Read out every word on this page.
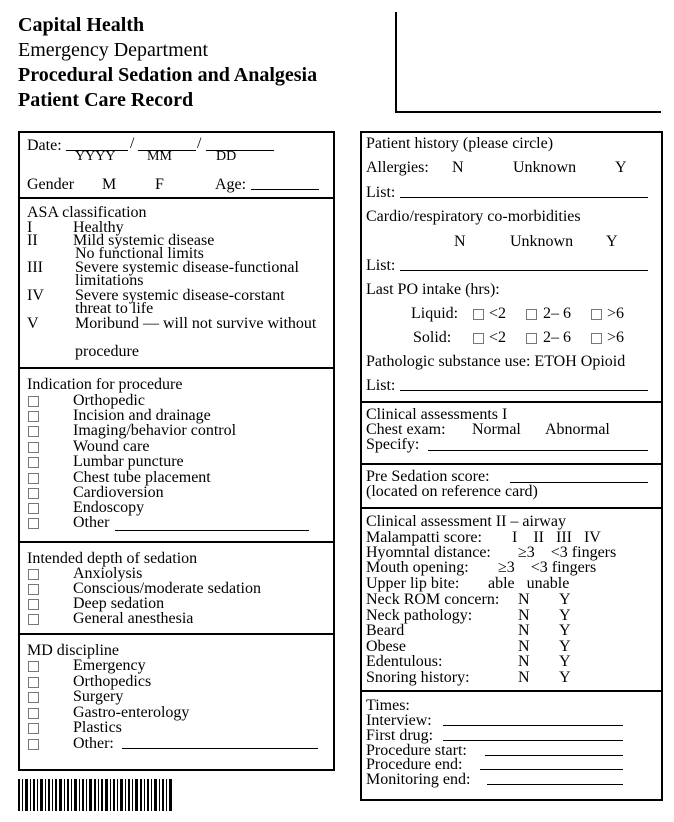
Capital Health
Emergency Department
Procedural Sedation and Analgesia
Patient Care Record
Date:	/	/
YYYY MM	DD
Gender M F	Age:
ASA classification
I	Healthy
II Mild systemic disease
No functional limits
III Severe systemic disease-functional
limitations
IV Severe systemic disease-corstant
threat to life
V Moribund — will not survive without
procedure
Indication for procedure
Orthopedic
Incision and drainage
Imaging/behavior control
Wound care
Lumbar puncture
Chest tube placement
Cardioversion
Endoscopy
Other
Intended depth of sedation
Anxiolysis
Conscious/moderate sedation
Deep sedation
General anesthesia
MD discipline
Emergency
Orthopedics
Surgery
Gastro-enterology
Plastics
Other:
Patient history (please circle)
Allergies: N	Unknown Y
List:
Cardio/respiratory co-morbidities
N	Unknown Y
List:
Last PO intake (hrs):
Liquid: <2 2– 6 >6
Solid: <2 2– 6 >6
Pathologic substance use: ETOH Opioid
List:
Clinical assessments I
Chest exam: Normal Abnormal
Specify:
Pre Sedation score:
(located on reference card)
Clinical assessment II – airway
Malampatti score: I    II   III   IV
Hyomntal distance: ≥3    <3 fingers
Mouth opening: ≥3    <3 fingers
Upper lip bite: able   unable
Neck ROM concern: N Y
Neck pathology:	N Y
Beard	N Y
Obese	N Y
Edentulous:	N Y
Snoring history:	N Y
Times:
Interview:
First drug:
Procedure start:
Procedure end:
Monitoring end:
